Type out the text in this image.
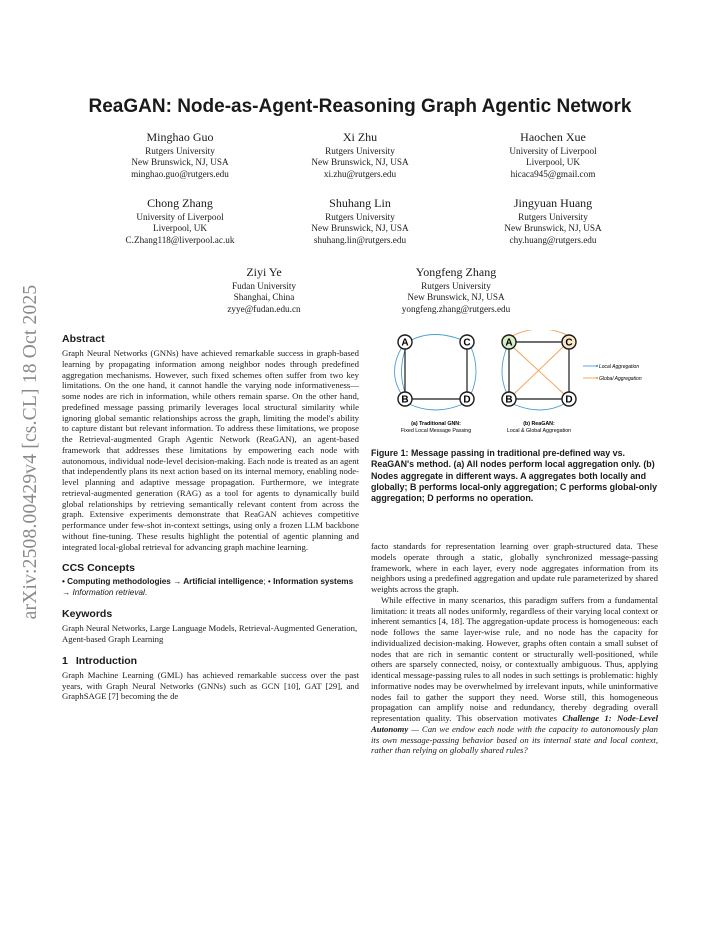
arXiv:2508.00429v4 [cs.CL] 18 Oct 2025
ReaGAN: Node-as-Agent-Reasoning Graph Agentic Network
Minghao Guo
Rutgers University
New Brunswick, NJ, USA
minghao.guo@rutgers.edu
Xi Zhu
Rutgers University
New Brunswick, NJ, USA
xi.zhu@rutgers.edu
Haochen Xue
University of Liverpool
Liverpool, UK
hicaca945@gmail.com
Chong Zhang
University of Liverpool
Liverpool, UK
C.Zhang118@liverpool.ac.uk
Shuhang Lin
Rutgers University
New Brunswick, NJ, USA
shuhang.lin@rutgers.edu
Jingyuan Huang
Rutgers University
New Brunswick, NJ, USA
chy.huang@rutgers.edu
Ziyi Ye
Fudan University
Shanghai, China
zyye@fudan.edu.cn
Yongfeng Zhang
Rutgers University
New Brunswick, NJ, USA
yongfeng.zhang@rutgers.edu
Abstract

Graph Neural Networks (GNNs) have achieved remarkable success in graph-based learning by propagating information among neighbor nodes through predefined aggregation mechanisms. However, such fixed schemes often suffer from two key limitations. On the one hand, it cannot handle the varying node informativeness—some nodes are rich in information, while others remain sparse. On the other hand, predefined message passing primarily leverages local structural similarity while ignoring global semantic relationships across the graph, limiting the model's ability to capture distant but relevant information. To address these limitations, we propose the Retrieval-augmented Graph Agentic Network (ReaGAN), an agent-based framework that addresses these limitations by empowering each node with autonomous, individual node-level decision-making. Each node is treated as an agent that independently plans its next action based on its internal memory, enabling node-level planning and adaptive message propagation. Furthermore, we integrate retrieval-augmented generation (RAG) as a tool for agents to dynamically build global relationships by retrieving semantically relevant content from across the graph. Extensive experiments demonstrate that ReaGAN achieves competitive performance under few-shot in-context settings, using only a frozen LLM backbone without fine-tuning. These results highlight the potential of agentic planning and integrated local-global retrieval for advancing graph machine learning.

CCS Concepts

• Computing methodologies → Artificial intelligence; • Information systems → Information retrieval.

Keywords

Graph Neural Networks, Large Language Models, Retrieval-Augmented Generation, Agent-based Graph Learning

1 Introduction

Graph Machine Learning (GML) has achieved remarkable success over the past years, with Graph Neural Networks (GNNs) such as GCN [10], GAT [29], and GraphSAGE [7] becoming the de

A	C
B	D
(a) Traditional GNN:
Fixed Local Message Passing
A	C
B	D
(b) ReaGAN:
Local & Global Aggregation
Local Aggregation
Global Aggregation

Figure 1: Message passing in traditional pre-defined way vs. ReaGAN's method. (a) All nodes perform local aggregation only. (b) Nodes aggregate in different ways. A aggregates both locally and globally; B performs local-only aggregation; C performs global-only aggregation; D performs no operation.

facto standards for representation learning over graph-structured data. These models operate through a static, globally synchronized message-passing framework, where in each layer, every node aggregates information from its neighbors using a predefined aggregation and update rule parameterized by shared weights across the graph.

While effective in many scenarios, this paradigm suffers from a fundamental limitation: it treats all nodes uniformly, regardless of their varying local context or inherent semantics [4, 18]. The aggregation-update process is homogeneous: each node follows the same layer-wise rule, and no node has the capacity for individualized decision-making. However, graphs often contain a small subset of nodes that are rich in semantic content or structurally well-positioned, while others are sparsely connected, noisy, or contextually ambiguous. Thus, applying identical message-passing rules to all nodes in such settings is problematic: highly informative nodes may be overwhelmed by irrelevant inputs, while uninformative nodes fail to gather the support they need. Worse still, this homogeneous propagation can amplify noise and redundancy, thereby degrading overall representation quality. This observation motivates Challenge 1: Node-Level Autonomy — Can we endow each node with the capacity to autonomously plan its own message-passing behavior based on its internal state and local context, rather than relying on globally shared rules?
